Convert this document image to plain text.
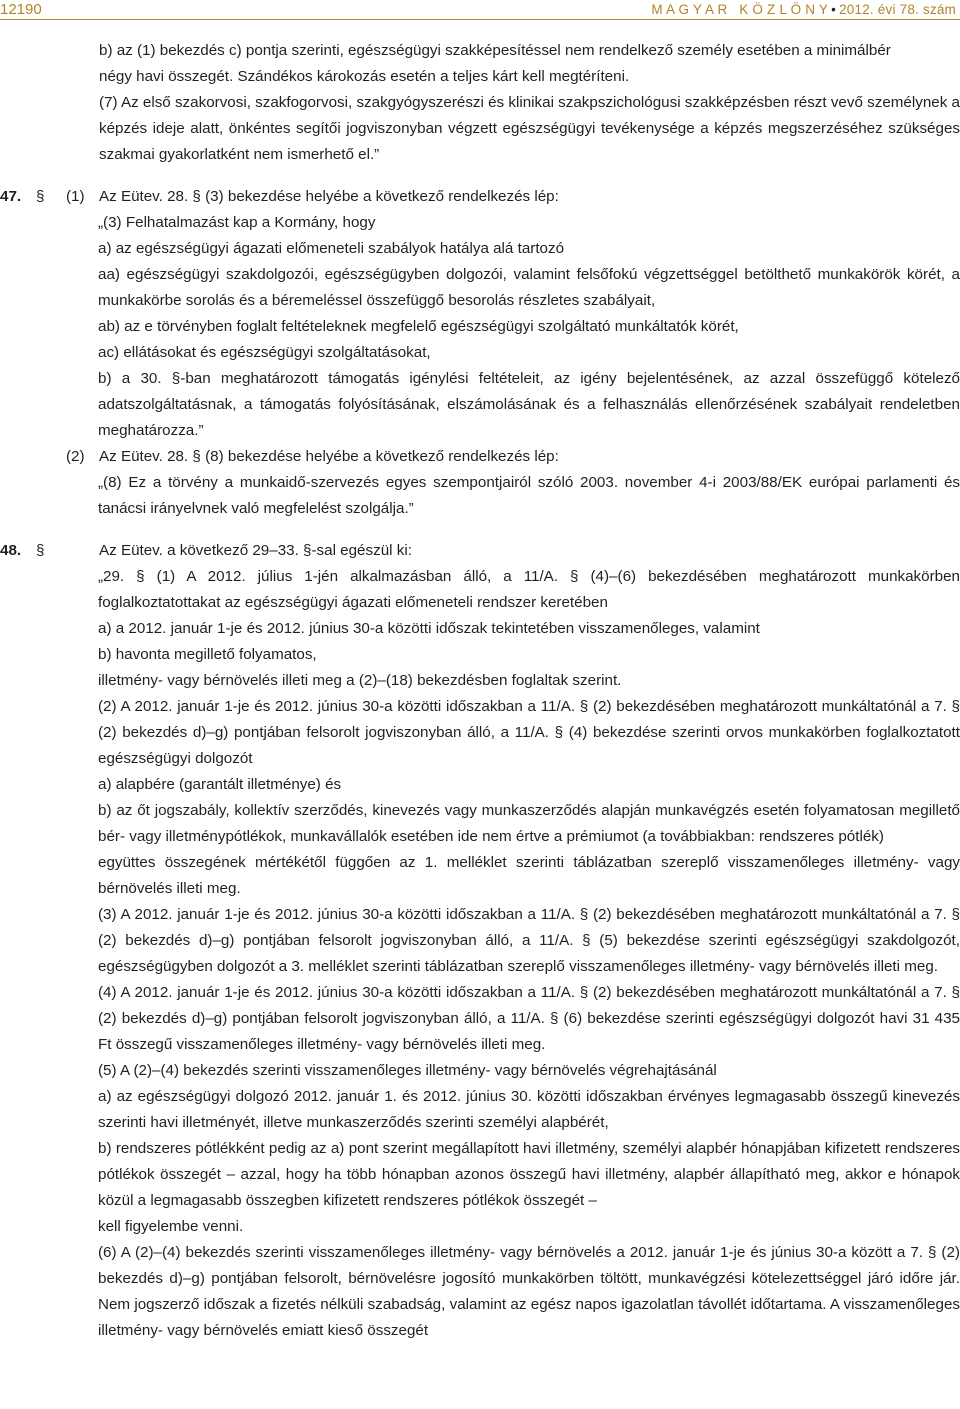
12190	M A G Y A R   K Ö Z L Ö N Y • 2012. évi 78. szám

b) az (1) bekezdés c) pontja szerinti, egészségügyi szakképesítéssel nem rendelkező személy esetében a minimálbér

négy havi összegét. Szándékos károkozás esetén a teljes kárt kell megtéríteni.

(7) Az első szakorvosi, szakfogorvosi, szakgyógyszerészi és klinikai szakpszichológusi szakképzésben részt vevő személynek a képzés ideje alatt, önkéntes segítői jogviszonyban végzett egészségügyi tevékenysége a képzés megszerzéséhez szükséges szakmai gyakorlatként nem ismerhető el.”

47. §	(1) Az Eütev. 28. § (3) bekezdése helyébe a következő rendelkezés lép:

„(3) Felhatalmazást kap a Kormány, hogy

a) az egészségügyi ágazati előmeneteli szabályok hatálya alá tartozó

aa) egészségügyi szakdolgozói, egészségügyben dolgozói, valamint felsőfokú végzettséggel betölthető munkakörök körét, a munkakörbe sorolás és a béremeléssel összefüggő besorolás részletes szabályait,

ab) az e törvényben foglalt feltételeknek megfelelő egészségügyi szolgáltató munkáltatók körét,

ac) ellátásokat és egészségügyi szolgáltatásokat,

b) a 30. §-ban meghatározott támogatás igénylési feltételeit, az igény bejelentésének, az azzal összefüggő kötelező adatszolgáltatásnak, a támogatás folyósításának, elszámolásának és a felhasználás ellenőrzésének szabályait rendeletben meghatározza.”

(2) Az Eütev. 28. § (8) bekezdése helyébe a következő rendelkezés lép:

„(8) Ez a törvény a munkaidő-szervezés egyes szempontjairól szóló 2003. november 4-i 2003/88/EK európai parlamenti és tanácsi irányelvnek való megfelelést szolgálja.”

48. §	Az Eütev. a következő 29–33. §-sal egészül ki:

„29. § (1) A 2012. július 1-jén alkalmazásban álló, a 11/A. § (4)–(6) bekezdésében meghatározott munkakörben foglalkoztatottakat az egészségügyi ágazati előmeneteli rendszer keretében

a) a 2012. január 1-je és 2012. június 30-a közötti időszak tekintetében visszamenőleges, valamint

b) havonta megillető folyamatos,

illetmény- vagy bérnövelés illeti meg a (2)–(18) bekezdésben foglaltak szerint.

(2) A 2012. január 1-je és 2012. június 30-a közötti időszakban a 11/A. § (2) bekezdésében meghatározott munkáltatónál a 7. § (2) bekezdés d)–g) pontjában felsorolt jogviszonyban álló, a 11/A. § (4) bekezdése szerinti orvos munkakörben foglalkoztatott egészségügyi dolgozót

a) alapbére (garantált illetménye) és

b) az őt jogszabály, kollektív szerződés, kinevezés vagy munkaszerződés alapján munkavégzés esetén folyamatosan megillető bér- vagy illetménypótlékok, munkavállalók esetében ide nem értve a prémiumot (a továbbiakban: rendszeres pótlék)

együttes összegének mértékétől függően az 1. melléklet szerinti táblázatban szereplő visszamenőleges illetmény- vagy bérnövelés illeti meg.

(3) A 2012. január 1-je és 2012. június 30-a közötti időszakban a 11/A. § (2) bekezdésében meghatározott munkáltatónál a 7. § (2) bekezdés d)–g) pontjában felsorolt jogviszonyban álló, a 11/A. § (5) bekezdése szerinti egészségügyi szakdolgozót, egészségügyben dolgozót a 3. melléklet szerinti táblázatban szereplő visszamenőleges illetmény- vagy bérnövelés illeti meg.

(4) A 2012. január 1-je és 2012. június 30-a közötti időszakban a 11/A. § (2) bekezdésében meghatározott munkáltatónál a 7. § (2) bekezdés d)–g) pontjában felsorolt jogviszonyban álló, a 11/A. § (6) bekezdése szerinti egészségügyi dolgozót havi 31 435 Ft összegű visszamenőleges illetmény- vagy bérnövelés illeti meg.

(5) A (2)–(4) bekezdés szerinti visszamenőleges illetmény- vagy bérnövelés végrehajtásánál

a) az egészségügyi dolgozó 2012. január 1. és 2012. június 30. közötti időszakban érvényes legmagasabb összegű kinevezés szerinti havi illetményét, illetve munkaszerződés szerinti személyi alapbérét,

b) rendszeres pótlékként pedig az a) pont szerint megállapított havi illetmény, személyi alapbér hónapjában kifizetett rendszeres pótlékok összegét – azzal, hogy ha több hónapban azonos összegű havi illetmény, alapbér állapítható meg, akkor e hónapok közül a legmagasabb összegben kifizetett rendszeres pótlékok összegét –

kell figyelembe venni.

(6) A (2)–(4) bekezdés szerinti visszamenőleges illetmény- vagy bérnövelés a 2012. január 1-je és június 30-a között a 7. § (2) bekezdés d)–g) pontjában felsorolt, bérnövelésre jogosító munkakörben töltött, munkavégzési kötelezettséggel járó időre jár. Nem jogszerző időszak a fizetés nélküli szabadság, valamint az egész napos igazolatlan távollét időtartama. A visszamenőleges illetmény- vagy bérnövelés emiatt kieső összegét
